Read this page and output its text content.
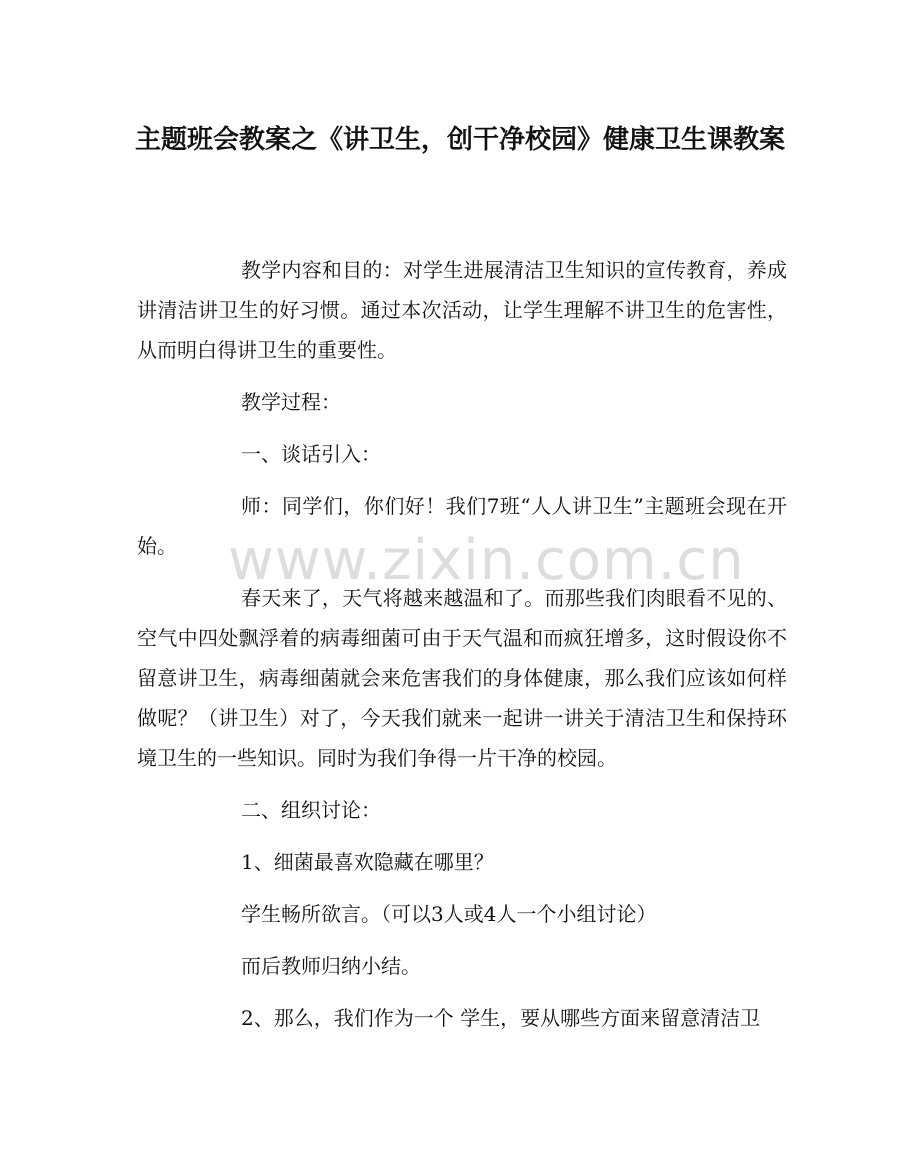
主题班会教案之《讲卫生，创干净校园》健康卫生课教案

教学内容和目的：对学生进展清洁卫生知识的宣传教育，养成讲清洁讲卫生的好习惯。通过本次活动，让学生理解不讲卫生的危害性，从而明白得讲卫生的重要性。

教学过程：

一、谈话引入：

师：同学们，你们好！我们7班“人人讲卫生”主题班会现在开始。

春天来了，天气将越来越温和了。而那些我们肉眼看不见的、空气中四处飘浮着的病毒细菌可由于天气温和而疯狂增多，这时假设你不留意讲卫生，病毒细菌就会来危害我们的身体健康，那么我们应该如何样做呢？（讲卫生）对了，今天我们就来一起讲一讲关于清洁卫生和保持环境卫生的一些知识。同时为我们争得一片干净的校园。

二、组织讨论：

1、细菌最喜欢隐藏在哪里？

学生畅所欲言。（可以3人或4人一个小组讨论）

而后教师归纳小结。

2、那么，我们作为一个 学生，要从哪些方面来留意清洁卫

www.zixin.com.cn
